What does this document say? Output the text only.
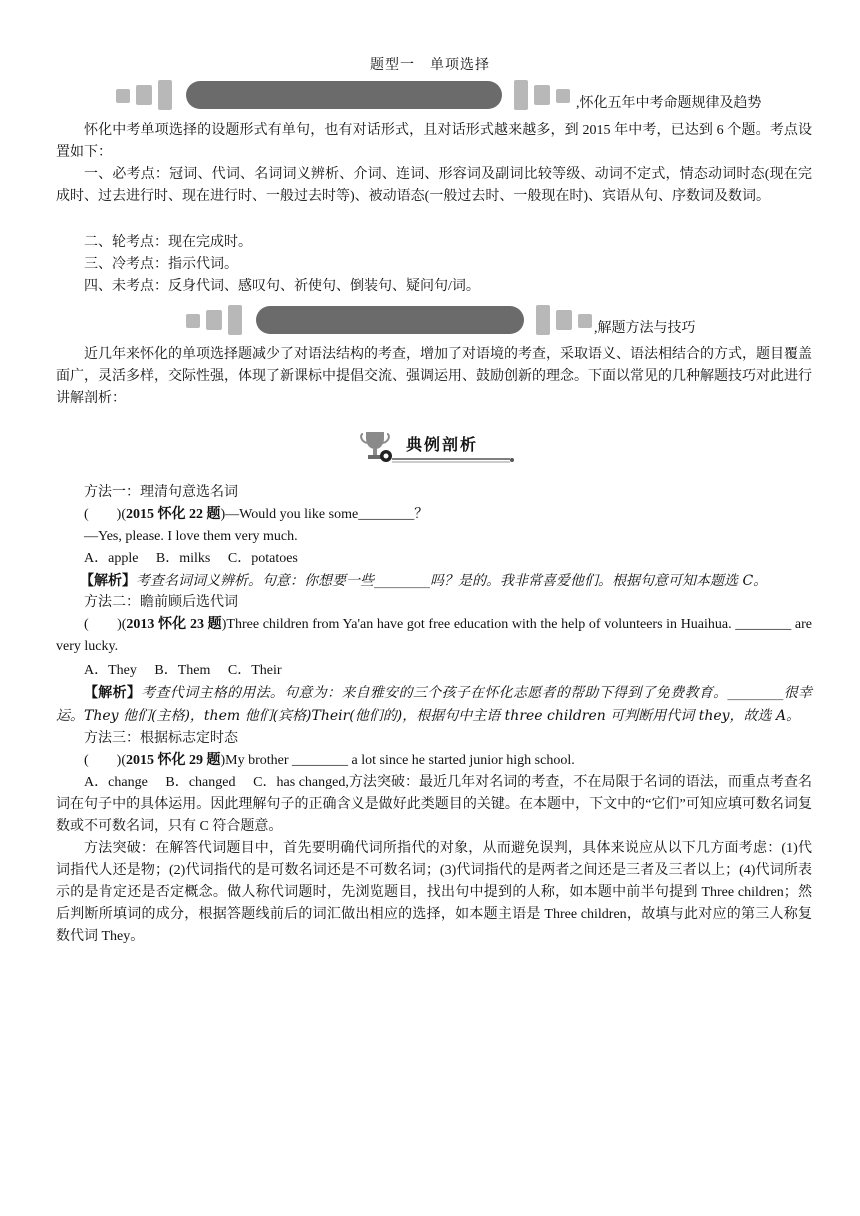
题型一　单项选择
,怀化五年中考命题规律及趋势
怀化中考单项选择的设题形式有单句，也有对话形式，且对话形式越来越多，到 2015 年中考，已达到 6 个题。考点设置如下：
一、必考点：冠词、代词、名词词义辨析、介词、连词、形容词及副词比较等级、动词不定式，情态动词时态(现在完成时、过去进行时、现在进行时、一般过去时等)、被动语态(一般过去时、一般现在时)、宾语从句、序数词及数词。
二、轮考点：现在完成时。
三、冷考点：指示代词。
四、未考点：反身代词、感叹句、祈使句、倒装句、疑问句/词。
,解题方法与技巧
近几年来怀化的单项选择题减少了对语法结构的考查，增加了对语境的考查，采取语义、语法相结合的方式，题目覆盖面广，灵活多样，交际性强，体现了新课标中提倡交流、强调运用、鼓励创新的理念。下面以常见的几种解题技巧对此进行讲解剖析：
典例剖析
方法一：理清句意选名词
(　　)(2015 怀化 22 题)—Would you like some________？
—Yes, please. I love them very much.
A．apple　 B．milks　 C．potatoes
【解析】考查名词词义辨析。句意：你想要一些________吗？是的。我非常喜爱他们。根据句意可知本题选 C。
方法二：瞻前顾后选代词
(　　)(2013 怀化 23 题)Three children from Ya'an have got free education with the help of volunteers in Huaihua. ________ are very lucky.
A．They　 B．Them　 C．Their
【解析】考查代词主格的用法。句意为：来自雅安的三个孩子在怀化志愿者的帮助下得到了免费教育。________很幸运。They 他们(主格)，them 他们(宾格)Their(他们的)，根据句中主语 three children 可判断用代词 they，故选 A。
方法三：根据标志定时态
(　　)(2015 怀化 29 题)My brother ________ a lot since he started junior high school.
A．change　 B．changed　 C．has changed,方法突破：最近几年对名词的考查，不在局限于名词的语法，而重点考查名词在句子中的具体运用。因此理解句子的正确含义是做好此类题目的关键。在本题中，下文中的“它们”可知应填可数名词复数或不可数名词，只有 C 符合题意。
方法突破：在解答代词题目中，首先要明确代词所指代的对象，从而避免误判，具体来说应从以下几方面考虑：(1)代词指代人还是物；(2)代词指代的是可数名词还是不可数名词；(3)代词指代的是两者之间还是三者及三者以上；(4)代词所表示的是肯定还是否定概念。做人称代词题时，先浏览题目，找出句中提到的人称，如本题中前半句提到 Three children；然后判断所填词的成分，根据答题线前后的词汇做出相应的选择，如本题主语是 Three children，故填与此对应的第三人称复数代词 They。
